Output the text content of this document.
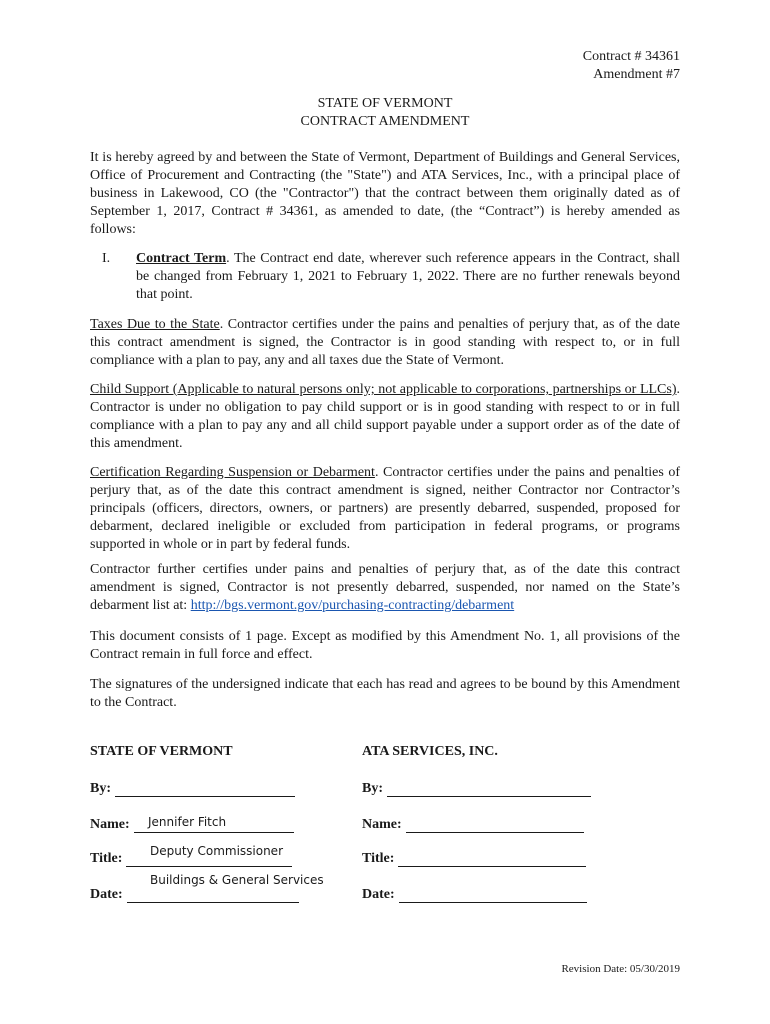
Contract # 34361
Amendment #7
STATE OF VERMONT
CONTRACT AMENDMENT
It is hereby agreed by and between the State of Vermont, Department of Buildings and General Services, Office of Procurement and Contracting (the "State") and ATA Services, Inc., with a principal place of business in Lakewood, CO (the "Contractor") that the contract between them originally dated as of September 1, 2017, Contract # 34361, as amended to date, (the “Contract”) is hereby amended as follows:
I.	Contract Term. The Contract end date, wherever such reference appears in the Contract, shall be changed from February 1, 2021 to February 1, 2022. There are no further renewals beyond that point.
Taxes Due to the State. Contractor certifies under the pains and penalties of perjury that, as of the date this contract amendment is signed, the Contractor is in good standing with respect to, or in full compliance with a plan to pay, any and all taxes due the State of Vermont.
Child Support (Applicable to natural persons only; not applicable to corporations, partnerships or LLCs). Contractor is under no obligation to pay child support or is in good standing with respect to or in full compliance with a plan to pay any and all child support payable under a support order as of the date of this amendment.
Certification Regarding Suspension or Debarment. Contractor certifies under the pains and penalties of perjury that, as of the date this contract amendment is signed, neither Contractor nor Contractor’s principals (officers, directors, owners, or partners) are presently debarred, suspended, proposed for debarment, declared ineligible or excluded from participation in federal programs, or programs supported in whole or in part by federal funds.
Contractor further certifies under pains and penalties of perjury that, as of the date this contract amendment is signed, Contractor is not presently debarred, suspended, nor named on the State’s debarment list at: http://bgs.vermont.gov/purchasing-contracting/debarment
This document consists of 1 page. Except as modified by this Amendment No. 1, all provisions of the Contract remain in full force and effect.
The signatures of the undersigned indicate that each has read and agrees to be bound by this Amendment to the Contract.
STATE OF VERMONT
By:
Name:	Jennifer Fitch
Title:	Deputy Commissioner
Buildings & General Services
Date:
ATA SERVICES, INC.
By:
Name:
Title:
Date:
Revision Date: 05/30/2019
